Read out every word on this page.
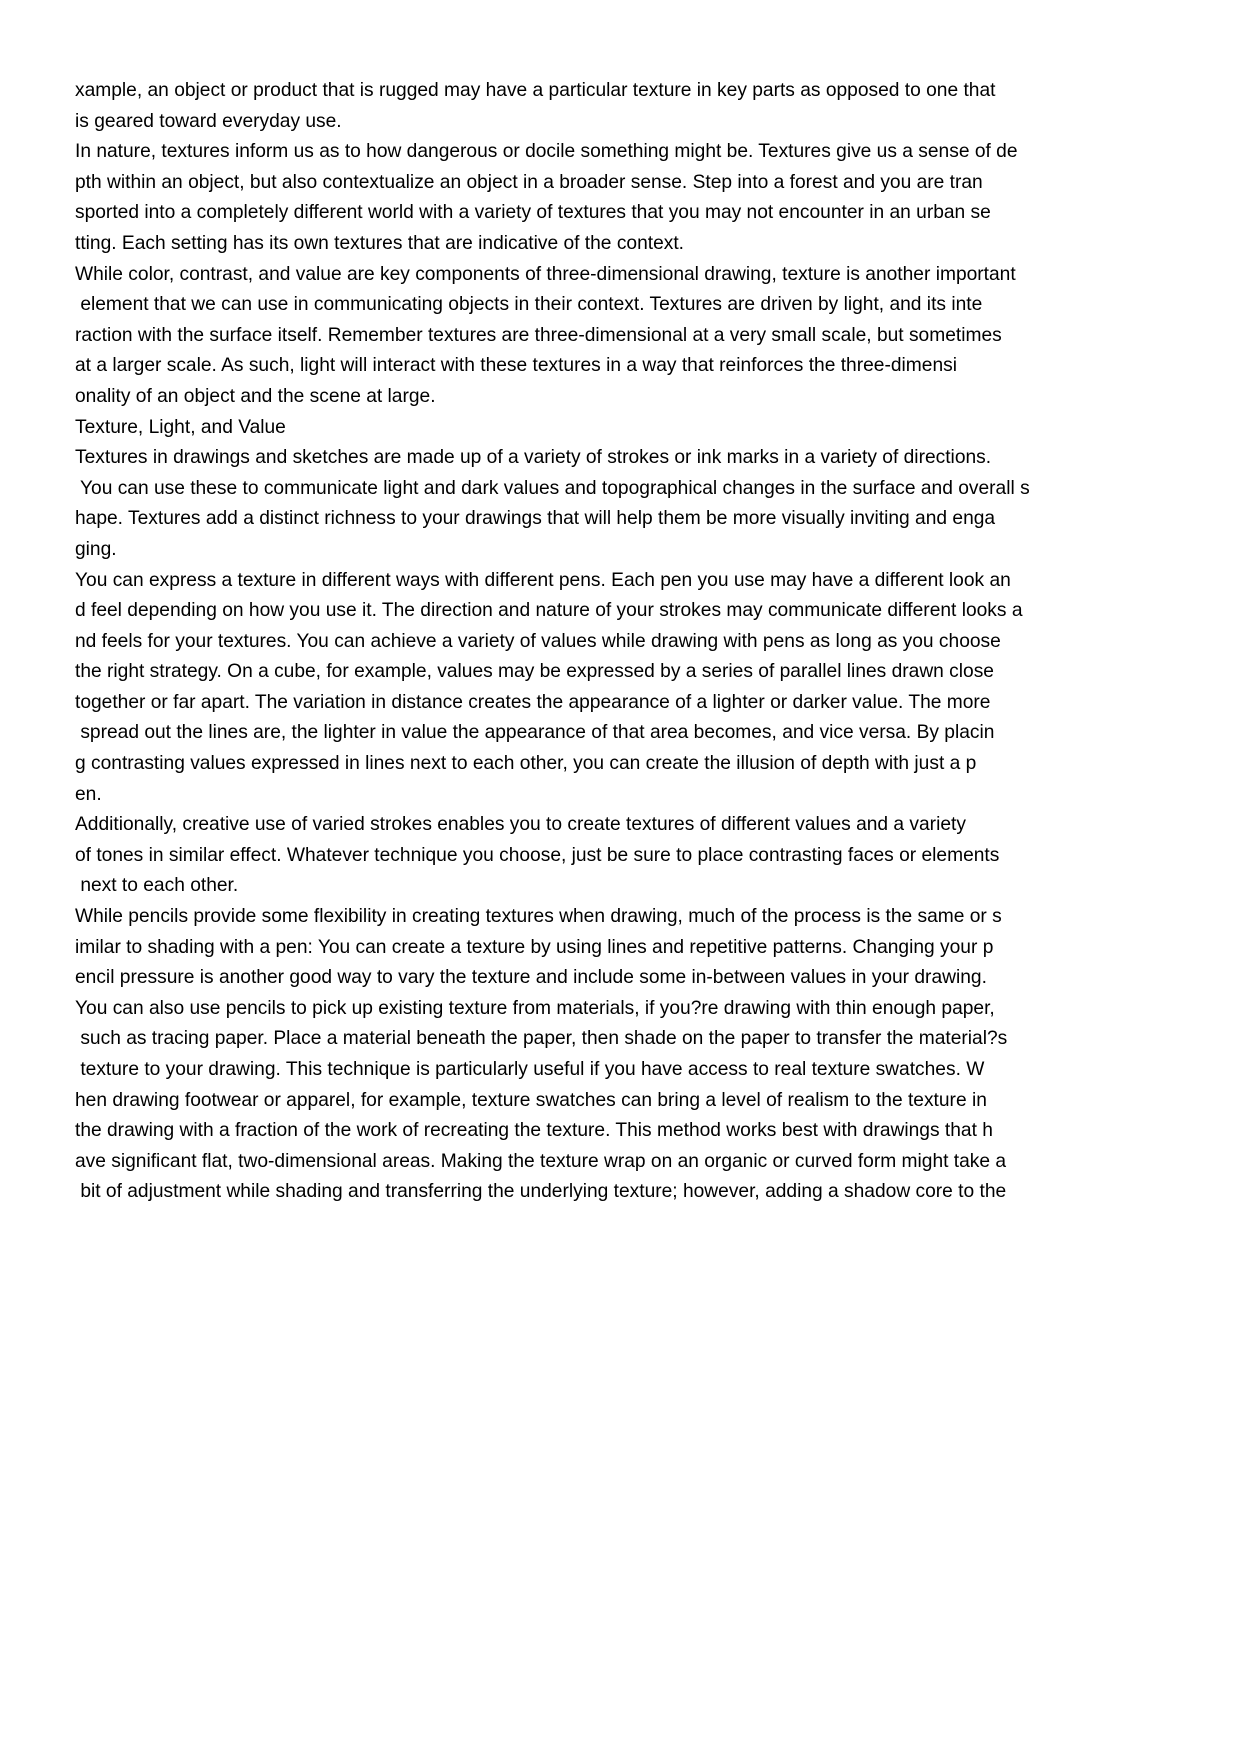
xample, an object or product that is rugged may have a particular texture in key parts as opposed to one that
is geared toward everyday use.
In nature, textures inform us as to how dangerous or docile something might be. Textures give us a sense of de
pth within an object, but also contextualize an object in a broader sense. Step into a forest and you are tran
sported into a completely different world with a variety of textures that you may not encounter in an urban se
tting. Each setting has its own textures that are indicative of the context.
While color, contrast, and value are key components of three-dimensional drawing, texture is another important
element that we can use in communicating objects in their context. Textures are driven by light, and its inte
raction with the surface itself. Remember textures are three-dimensional at a very small scale, but sometimes
at a larger scale. As such, light will interact with these textures in a way that reinforces the three-dimensi
onality of an object and the scene at large.
Texture, Light, and Value
Textures in drawings and sketches are made up of a variety of strokes or ink marks in a variety of directions.
You can use these to communicate light and dark values and topographical changes in the surface and overall s
hape. Textures add a distinct richness to your drawings that will help them be more visually inviting and enga
ging.
You can express a texture in different ways with different pens. Each pen you use may have a different look an
d feel depending on how you use it. The direction and nature of your strokes may communicate different looks a
nd feels for your textures. You can achieve a variety of values while drawing with pens as long as you choose
the right strategy. On a cube, for example, values may be expressed by a series of parallel lines drawn close
together or far apart. The variation in distance creates the appearance of a lighter or darker value. The more
spread out the lines are, the lighter in value the appearance of that area becomes, and vice versa. By placin
g contrasting values expressed in lines next to each other, you can create the illusion of depth with just a p
en.
Additionally, creative use of varied strokes enables you to create textures of different values and a variety
of tones in similar effect. Whatever technique you choose, just be sure to place contrasting faces or elements
next to each other.
While pencils provide some flexibility in creating textures when drawing, much of the process is the same or s
imilar to shading with a pen: You can create a texture by using lines and repetitive patterns. Changing your p
encil pressure is another good way to vary the texture and include some in-between values in your drawing.
You can also use pencils to pick up existing texture from materials, if you?re drawing with thin enough paper,
such as tracing paper. Place a material beneath the paper, then shade on the paper to transfer the material?s
texture to your drawing. This technique is particularly useful if you have access to real texture swatches. W
hen drawing footwear or apparel, for example, texture swatches can bring a level of realism to the texture in
the drawing with a fraction of the work of recreating the texture. This method works best with drawings that h
ave significant flat, two-dimensional areas. Making the texture wrap on an organic or curved form might take a
bit of adjustment while shading and transferring the underlying texture; however, adding a shadow core to the
